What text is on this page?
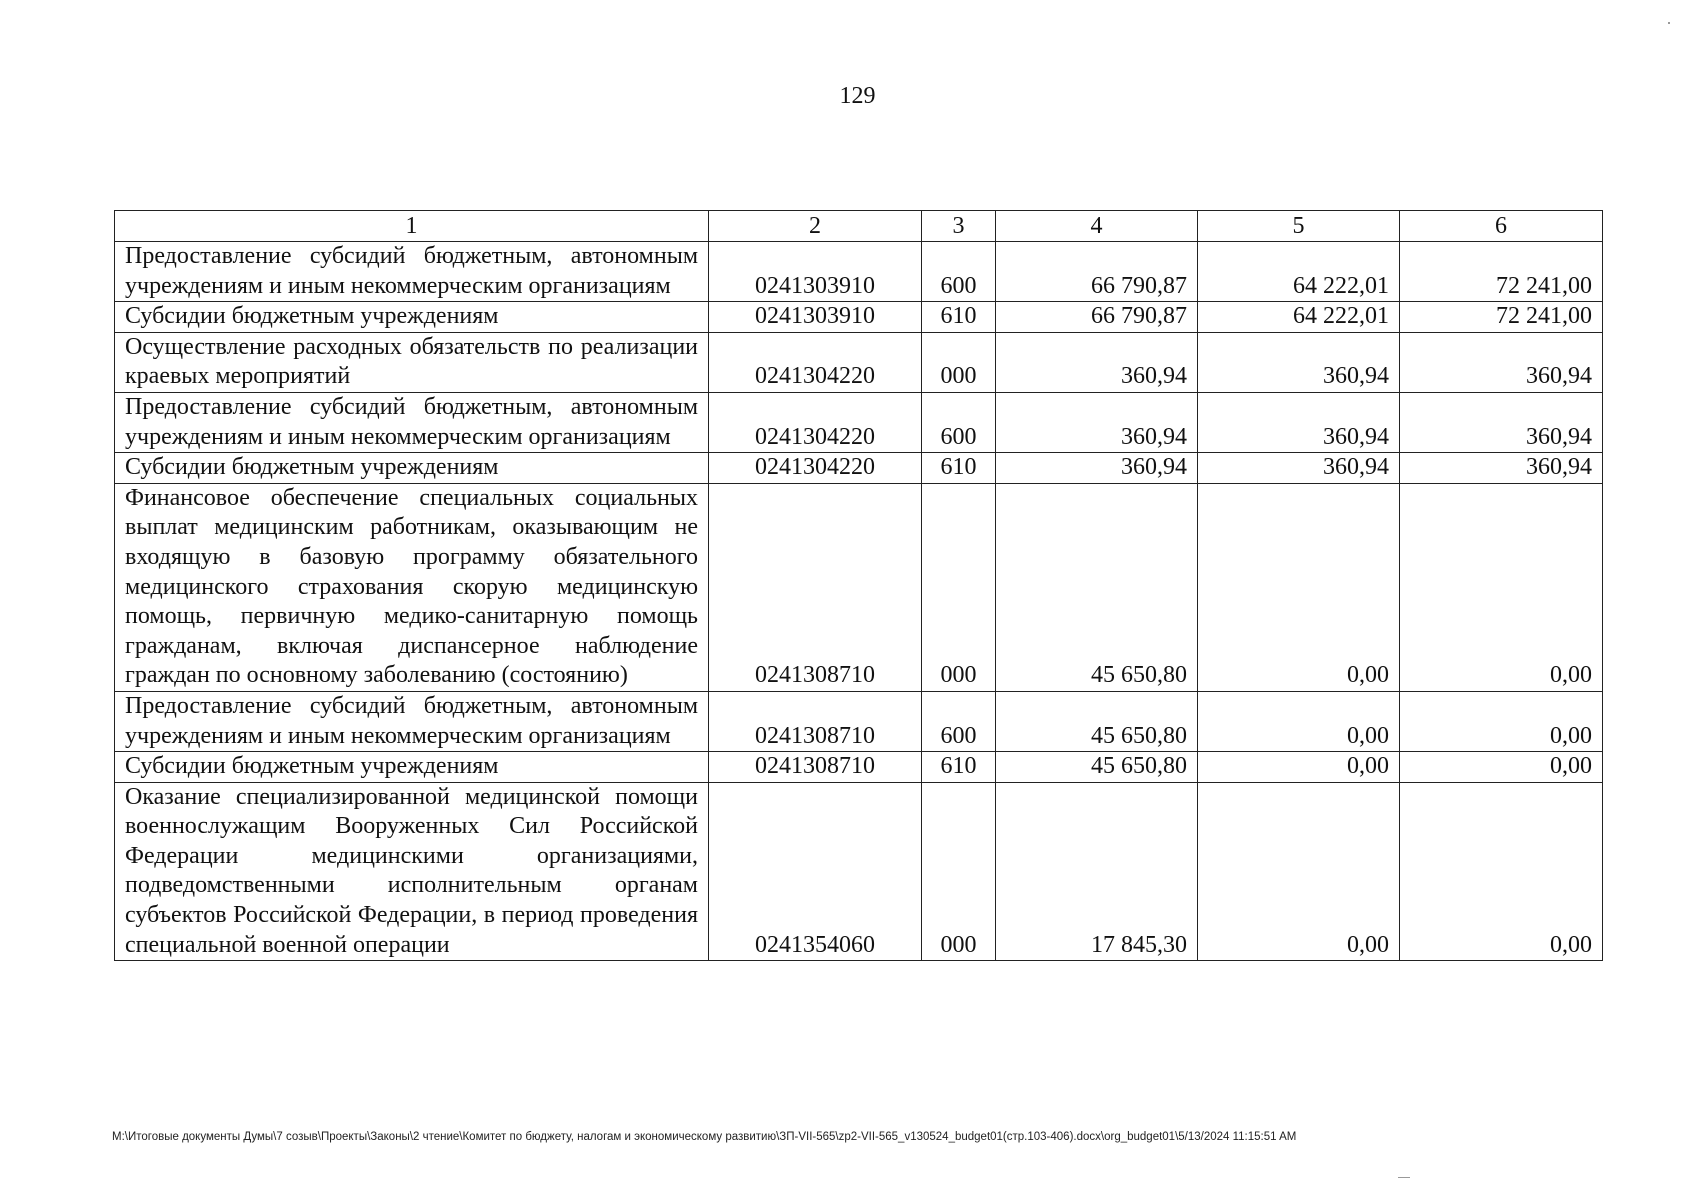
129
1	2	3	4	5	6
Предоставление субсидий бюджетным, автономным учреждениям и иным некоммерческим организациям	0241303910	600	66 790,87	64 222,01	72 241,00
Субсидии бюджетным учреждениям	0241303910	610	66 790,87	64 222,01	72 241,00
Осуществление расходных обязательств по реализации краевых мероприятий	0241304220	000	360,94	360,94	360,94
Предоставление субсидий бюджетным, автономным учреждениям и иным некоммерческим организациям	0241304220	600	360,94	360,94	360,94
Субсидии бюджетным учреждениям	0241304220	610	360,94	360,94	360,94
Финансовое обеспечение специальных социальных выплат медицинским работникам, оказывающим не входящую в базовую программу обязательного медицинского страхования скорую медицинскую помощь, первичную медико-санитарную помощь гражданам, включая диспансерное наблюдение граждан по основному заболеванию (состоянию)	0241308710	000	45 650,80	0,00	0,00
Предоставление субсидий бюджетным, автономным учреждениям и иным некоммерческим организациям	0241308710	600	45 650,80	0,00	0,00
Субсидии бюджетным учреждениям	0241308710	610	45 650,80	0,00	0,00
Оказание специализированной медицинской помощи военнослужащим Вооруженных Сил Российской Федерации медицинскими организациями, подведомственными исполнительным органам субъектов Российской Федерации, в период проведения специальной военной операции	0241354060	000	17 845,30	0,00	0,00
M:\Итоговые документы Думы\7 созыв\Проекты\Законы\2 чтение\Комитет по бюджету, налогам и экономическому развитию\ЗП-VII-565\zp2-VII-565_v130524_budget01(стр.103-406).docx\org_budget01\5/13/2024 11:15:51 AM
